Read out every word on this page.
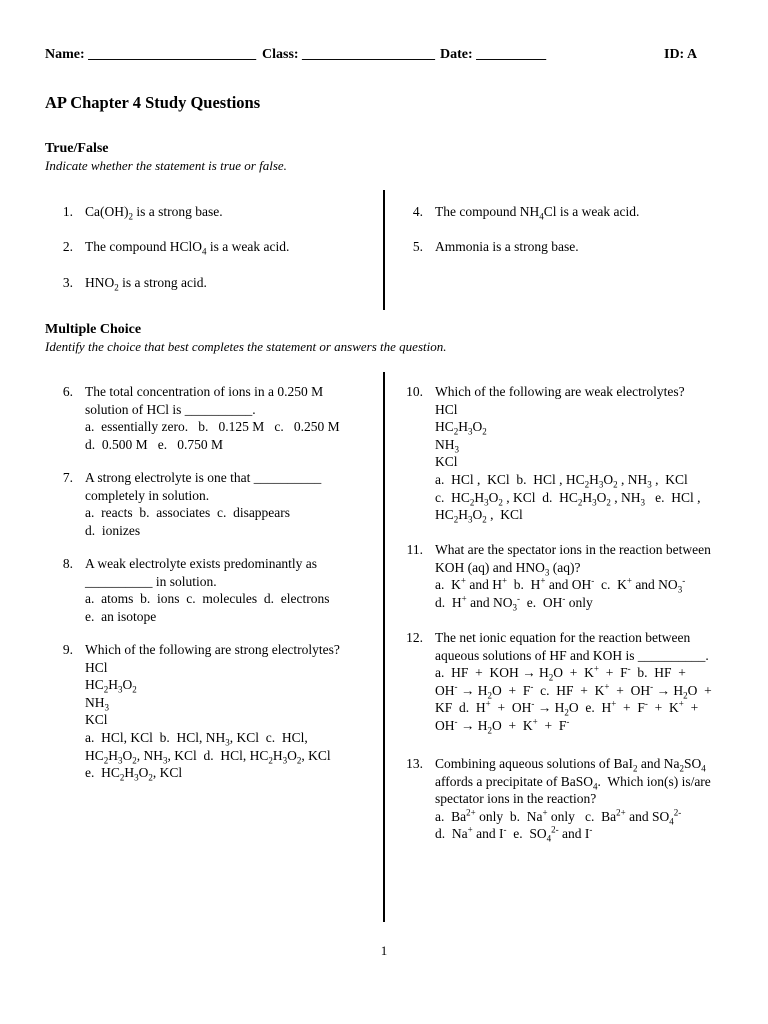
Name: ________________________ Class: ___________________ Date: __________	ID: A
AP Chapter 4 Study Questions
True/False
Indicate whether the statement is true or false.
1. $Ca(OH)_2$ is a strong base.
2. The compound HClO$_4$ is a weak acid.
3. $HNO_2$ is a strong acid.
4. The compound $NH_4Cl$ is a weak acid.
5. Ammonia is a strong base.
Multiple Choice
Identify the choice that best completes the statement or answers the question.
6. The total concentration of ions in a 0.250 M
solution of HCl is __________.
a.  essentially zero.   b.   0.125 M   c.   0.250 M
d.  0.500 M   e.   0.750 M
7. A strong electrolyte is one that __________
completely in solution.
a.  reacts  b.  associates  c.  disappears
d.  ionizes
8. A weak electrolyte exists predominantly as
__________ in solution.
a.  atoms  b.  ions  c.  molecules  d.  electrons
e.  an isotope
9. Which of the following are strong electrolytes?
HCl
$HC_2H_3O_2$
$NH_3$
KCl
a.  HCl, KCl  b.  HCl, $NH_3$, KCl  c.  HCl,
$HC_2H_3O_2$, $NH_3$, KCl  d.  HCl, $HC_2H_3O_2$, KCl
e.  $HC_2H_3O_2$, KCl
10. Which of the following are weak electrolytes?
HCl
$HC_2H_3O_2$
$NH_3$
KCl
a.  HCl ,  KCl  b.  HCl , $HC_2H_3O_2$ , $NH_3$ ,  KCl
c.  $HC_2H_3O_2$ , KCl  d.  $HC_2H_3O_2$ , $NH_3$   e.  HCl ,
$HC_2H_3O_2$ ,  KCl
11. What are the spectator ions in the reaction between
KOH (aq) and $HNO_3$ (aq)?
a.  K+ and H+  b.  H+ and OH-  c.  K+ and $NO_3^-$
d.  H+ and $NO_3^-$  e.  OH- only
12. The net ionic equation for the reaction between
aqueous solutions of HF and KOH is __________.
a.  HF  +  KOH → $H_2O + K^+ + F^-$  b.  HF  +
$OH^- \to H_2O + F^-$  c.  HF  +  $K^+ + OH^- \to H_2O$  +
KF  d.  $H^+ + OH^- \to H_2O$  e.  H+  +  F-  +  K+  +
$OH^- \to H_2O + K^+ + F^-$
13. Combining aqueous solutions of BaI$_2$ and $Na_2SO_4$
affords a precipitate of BaSO$_4$.  Which ion(s) is/are
spectator ions in the reaction?
a.  $Ba^{2+}$ only  b.  Na+ only   c.  $Ba^{2+}$ and $SO_4^{2-}$
d.  Na+ and I-  e.  $SO_4^{2-}$ and I-
1
